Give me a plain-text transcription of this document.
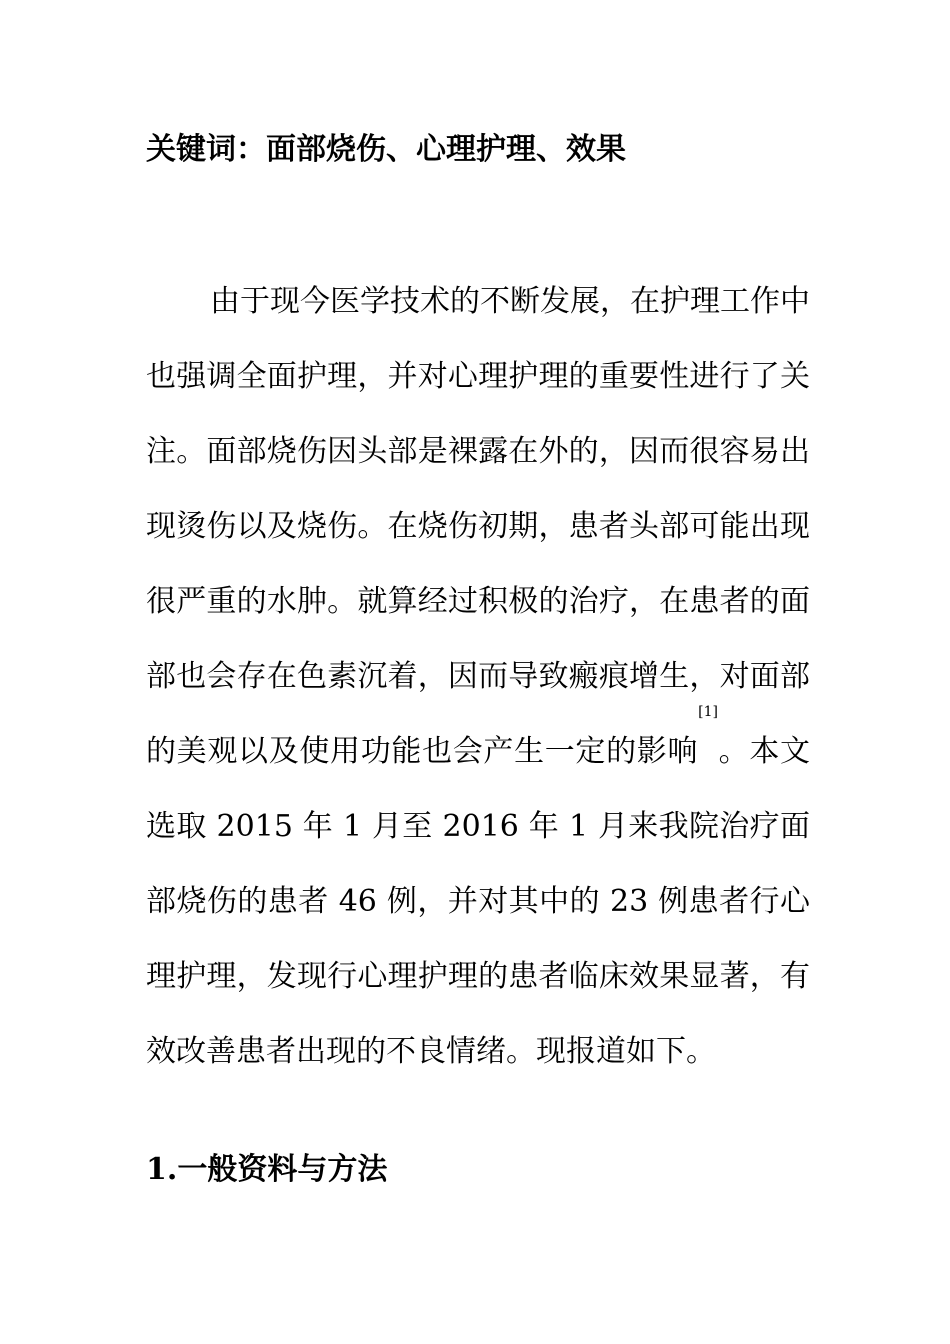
关键词：面部烧伤、心理护理、效果

由于现今医学技术的不断发展，在护理工作中也强调全面护理，并对心理护理的重要性进行了关注。面部烧伤因头部是裸露在外的，因而很容易出现烫伤以及烧伤。在烧伤初期，患者头部可能出现很严重的水肿。就算经过积极的治疗，在患者的面部也会存在色素沉着，因而导致瘢痕增生，对面部的美观以及使用功能也会产生一定的影响[1]。本文选取 2015 年 1 月至 2016 年 1 月来我院治疗面部烧伤的患者 46 例，并对其中的 23 例患者行心理护理，发现行心理护理的患者临床效果显著，有效改善患者出现的不良情绪。现报道如下。

1.一般资料与方法
